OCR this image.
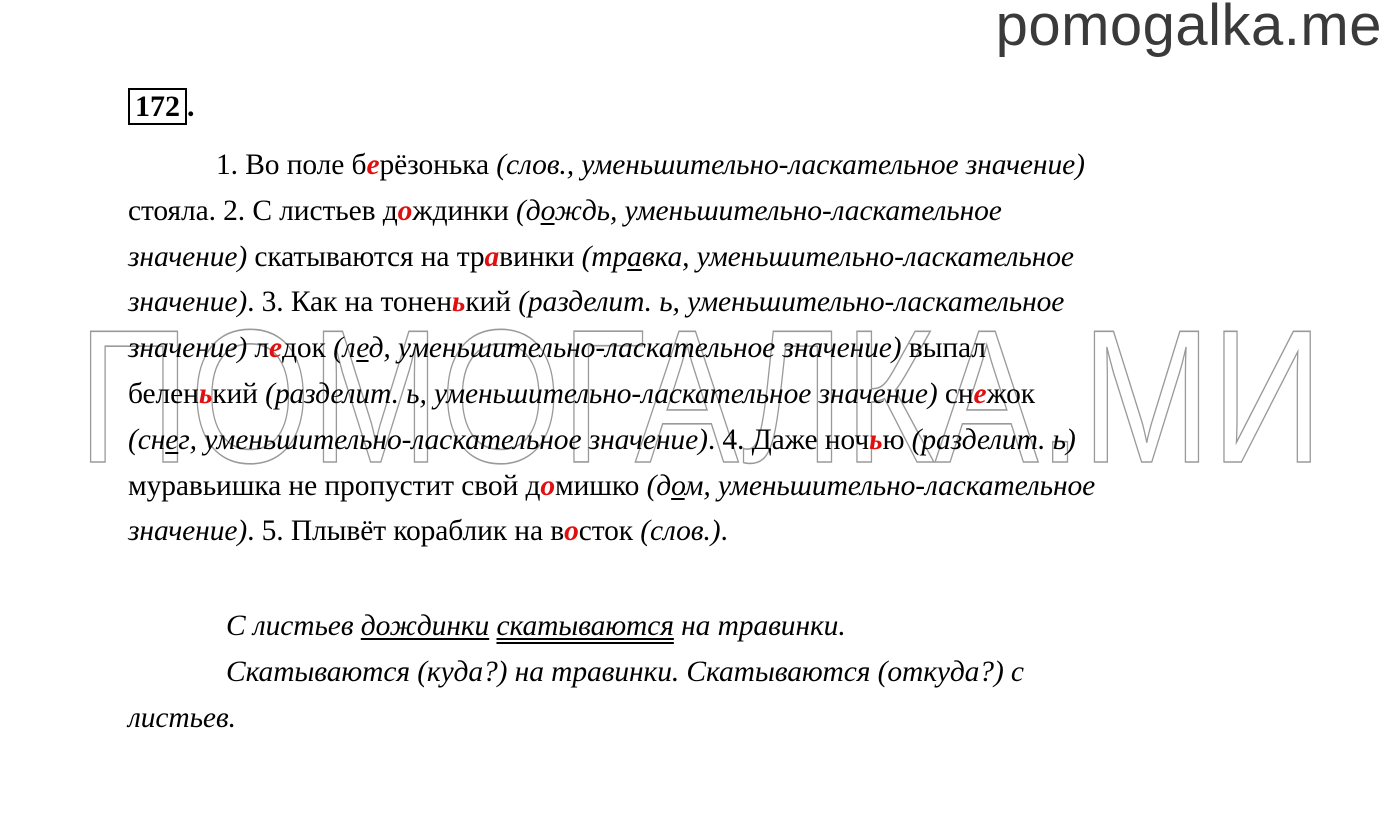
pomogalka.me
ПОМОГАЛКА.МИ
172 .
1. Во поле берёзонька (слов., уменьшительно-ласкательное значение)
стояла. 2. С листьев дождинки (дождь, уменьшительно-ласкательное
значение) скатываются на травинки (травка, уменьшительно-ласкательное
значение). 3. Как на тоненький (разделит. ь, уменьшительно-ласкательное
значение) ледок (лед, уменьшительно-ласкательное значение) выпал
беленький (разделит. ь, уменьшительно-ласкательное значение) снежок
(снег, уменьшительно-ласкательное значение). 4. Даже ночью (разделит. ь)
муравьишка не пропустит свой домишко (дом, уменьшительно-ласкательное
значение). 5. Плывёт кораблик на восток (слов.).
С листьев дождинки скатываются на травинки.
Скатываются (куда?) на травинки. Скатываются (откуда?) с
листьев.
